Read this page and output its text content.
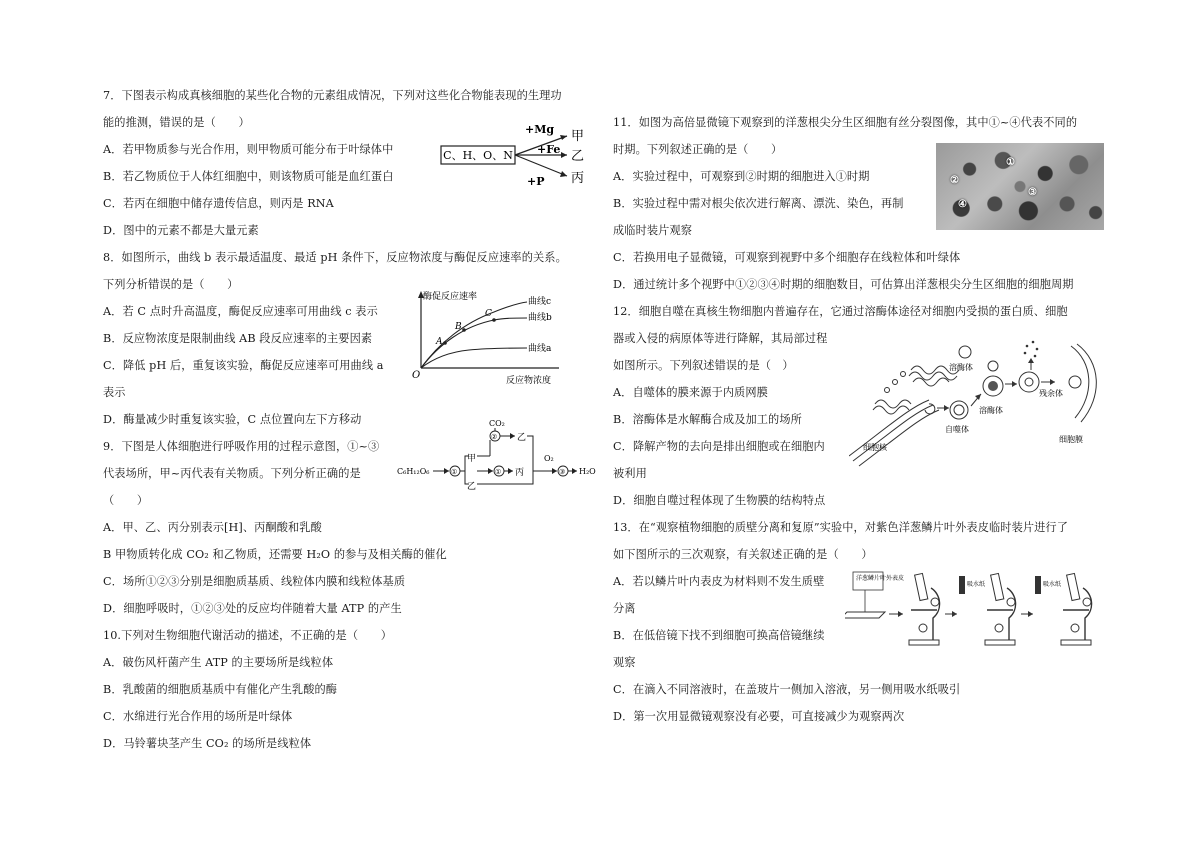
7．下图表示构成真核细胞的某些化合物的元素组成情况，下列对这些化合物能表现的生理功
能的推测，错误的是（　　）
A．若甲物质参与光合作用，则甲物质可能分布于叶绿体中
B．若乙物质位于人体红细胞中，则该物质可能是血红蛋白
C．若丙在细胞中储存遗传信息，则丙是 RNA
D．图中的元素不都是大量元素
C、H、O、N
+Mg
+Fe
+P
甲
乙
丙
8．如图所示，曲线 b 表示最适温度、最适 pH 条件下，反应物浓度与酶促反应速率的关系。
下列分析错误的是（　　）
A．若 C 点时升高温度，酶促反应速率可用曲线 c 表示
B．反应物浓度是限制曲线 AB 段反应速率的主要因素
C．降低 pH 后，重复该实验，酶促反应速率可用曲线 a
表示
D．酶量减少时重复该实验，C 点位置向左下方移动
酶促反应速率
反应物浓度
O
A
B
C
曲线c
曲线b
曲线a
9．下图是人体细胞进行呼吸作用的过程示意图，①~③
代表场所，甲~丙代表有关物质。下列分析正确的是
（　　）
A．甲、乙、丙分别表示[H]、丙酮酸和乳酸
B 甲物质转化成 CO₂ 和乙物质，还需要 H₂O 的参与及相关酶的催化
C．场所①②③分别是细胞质基质、线粒体内膜和线粒体基质
D．细胞呼吸时，①②③处的反应均伴随着大量 ATP 的产生
C₆H₁₂O₆	①
甲
乙
②
CO₂
乙
① 丙
O₂
③ H₂O
10.下列对生物细胞代谢活动的描述，不正确的是（　　）
A．破伤风杆菌产生 ATP 的主要场所是线粒体
B．乳酸菌的细胞质基质中有催化产生乳酸的酶
C．水绵进行光合作用的场所是叶绿体
D．马铃薯块茎产生 CO₂ 的场所是线粒体
11．如图为高倍显微镜下观察到的洋葱根尖分生区细胞有丝分裂图像，其中①~④代表不同的
时期。下列叙述正确的是（　　）
A．实验过程中，可观察到②时期的细胞进入①时期
B．实验过程中需对根尖依次进行解离、漂洗、染色，再制
成临时装片观察
C．若换用电子显微镜，可观察到视野中多个细胞存在线粒体和叶绿体
D．通过统计多个视野中①②③④时期的细胞数目，可估算出洋葱根尖分生区细胞的细胞周期
②
①
③
④
12．细胞自噬在真核生物细胞内普遍存在，它通过溶酶体途径对细胞内受损的蛋白质、细胞
器或入侵的病原体等进行降解，其局部过程
如图所示。下列叙述错误的是（　）
A．自噬体的膜来源于内质网膜
B．溶酶体是水解酶合成及加工的场所
C．降解产物的去向是排出细胞或在细胞内
被利用
D．细胞自噬过程体现了生物膜的结构特点
细胞核
溶酶体
自噬体
溶酶体
残余体
细胞膜
13．在“观察植物细胞的质壁分离和复原”实验中，对紫色洋葱鳞片叶外表皮临时装片进行了
如下图所示的三次观察，有关叙述正确的是（　　）
A．若以鳞片叶内表皮为材料则不发生质壁
分离
B．在低倍镜下找不到细胞可换高倍镜继续
观察
C．在滴入不同溶液时，在盖玻片一侧加入溶液，另一侧用吸水纸吸引
D．第一次用显微镜观察没有必要，可直接减少为观察两次
洋葱鳞片叶外表皮
吸水纸	吸水纸
